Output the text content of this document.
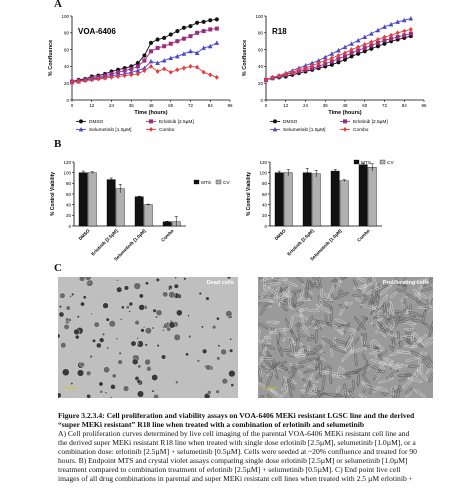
A
B
C
0
20
40
60
80
100
0	12	24	36	48	60	72	84	96
Time (hours)
% Confluence
VOA-6406
DMSO	Erlotinib [2.5µM]
Selumetinib [1.0µM]	Combo
0
20
40
60
80
100
0	12	24	36	48	60	72	84	96
Time (hours)
% Confluence
R18
DMSO	Erlotinib [2.5µM]
Selumetinib [1.0µM]	Combo
0
20
40
60
80
100
120
% Control Viability
DMSO Erlotinib [2.5µM]
Selumetinib [1.0µM]	Combo
MTS CV
0
20
40
60
80
100
120
% Control Viability
DMSO Erlotinib [2.5µM]
Selumetinib [1.0µM]	Combo
MTS	CV
Dead cells
400 µm
Proliferating cells
400 µm
Figure 3.2.3.4: Cell proliferation and viability assays on VOA-6406 MEKi resistant LGSC line and the derived “super MEKi resistant” R18 line when treated with a combination of erlotinib and selumetinib
A) Cell proliferation curves determined by live cell imaging of the parental VOA-6406 MEKi resistant cell line and the derived super MEKi resistant R18 line when treated with single dose erlotinib [2.5µM], selumetinib [1.0µM], or a combination dose: erlotinib [2.5µM] + selumetinib [0.5µM]. Cells were seeded at ~20% confluence and treated for 90 hours. B) Endpoint MTS and crystal violet assays comparing single dose erlotinib [2.5µM] or selumetinib [1.0µM] treatment compared to combination treatment of erlotinib [2.5µM] + selumetinib [0.5µM]. C) End point live cell images of all drug combinations in parental and super MEKi resistant cell lines when treated with 2.5 µM erlotinib +
